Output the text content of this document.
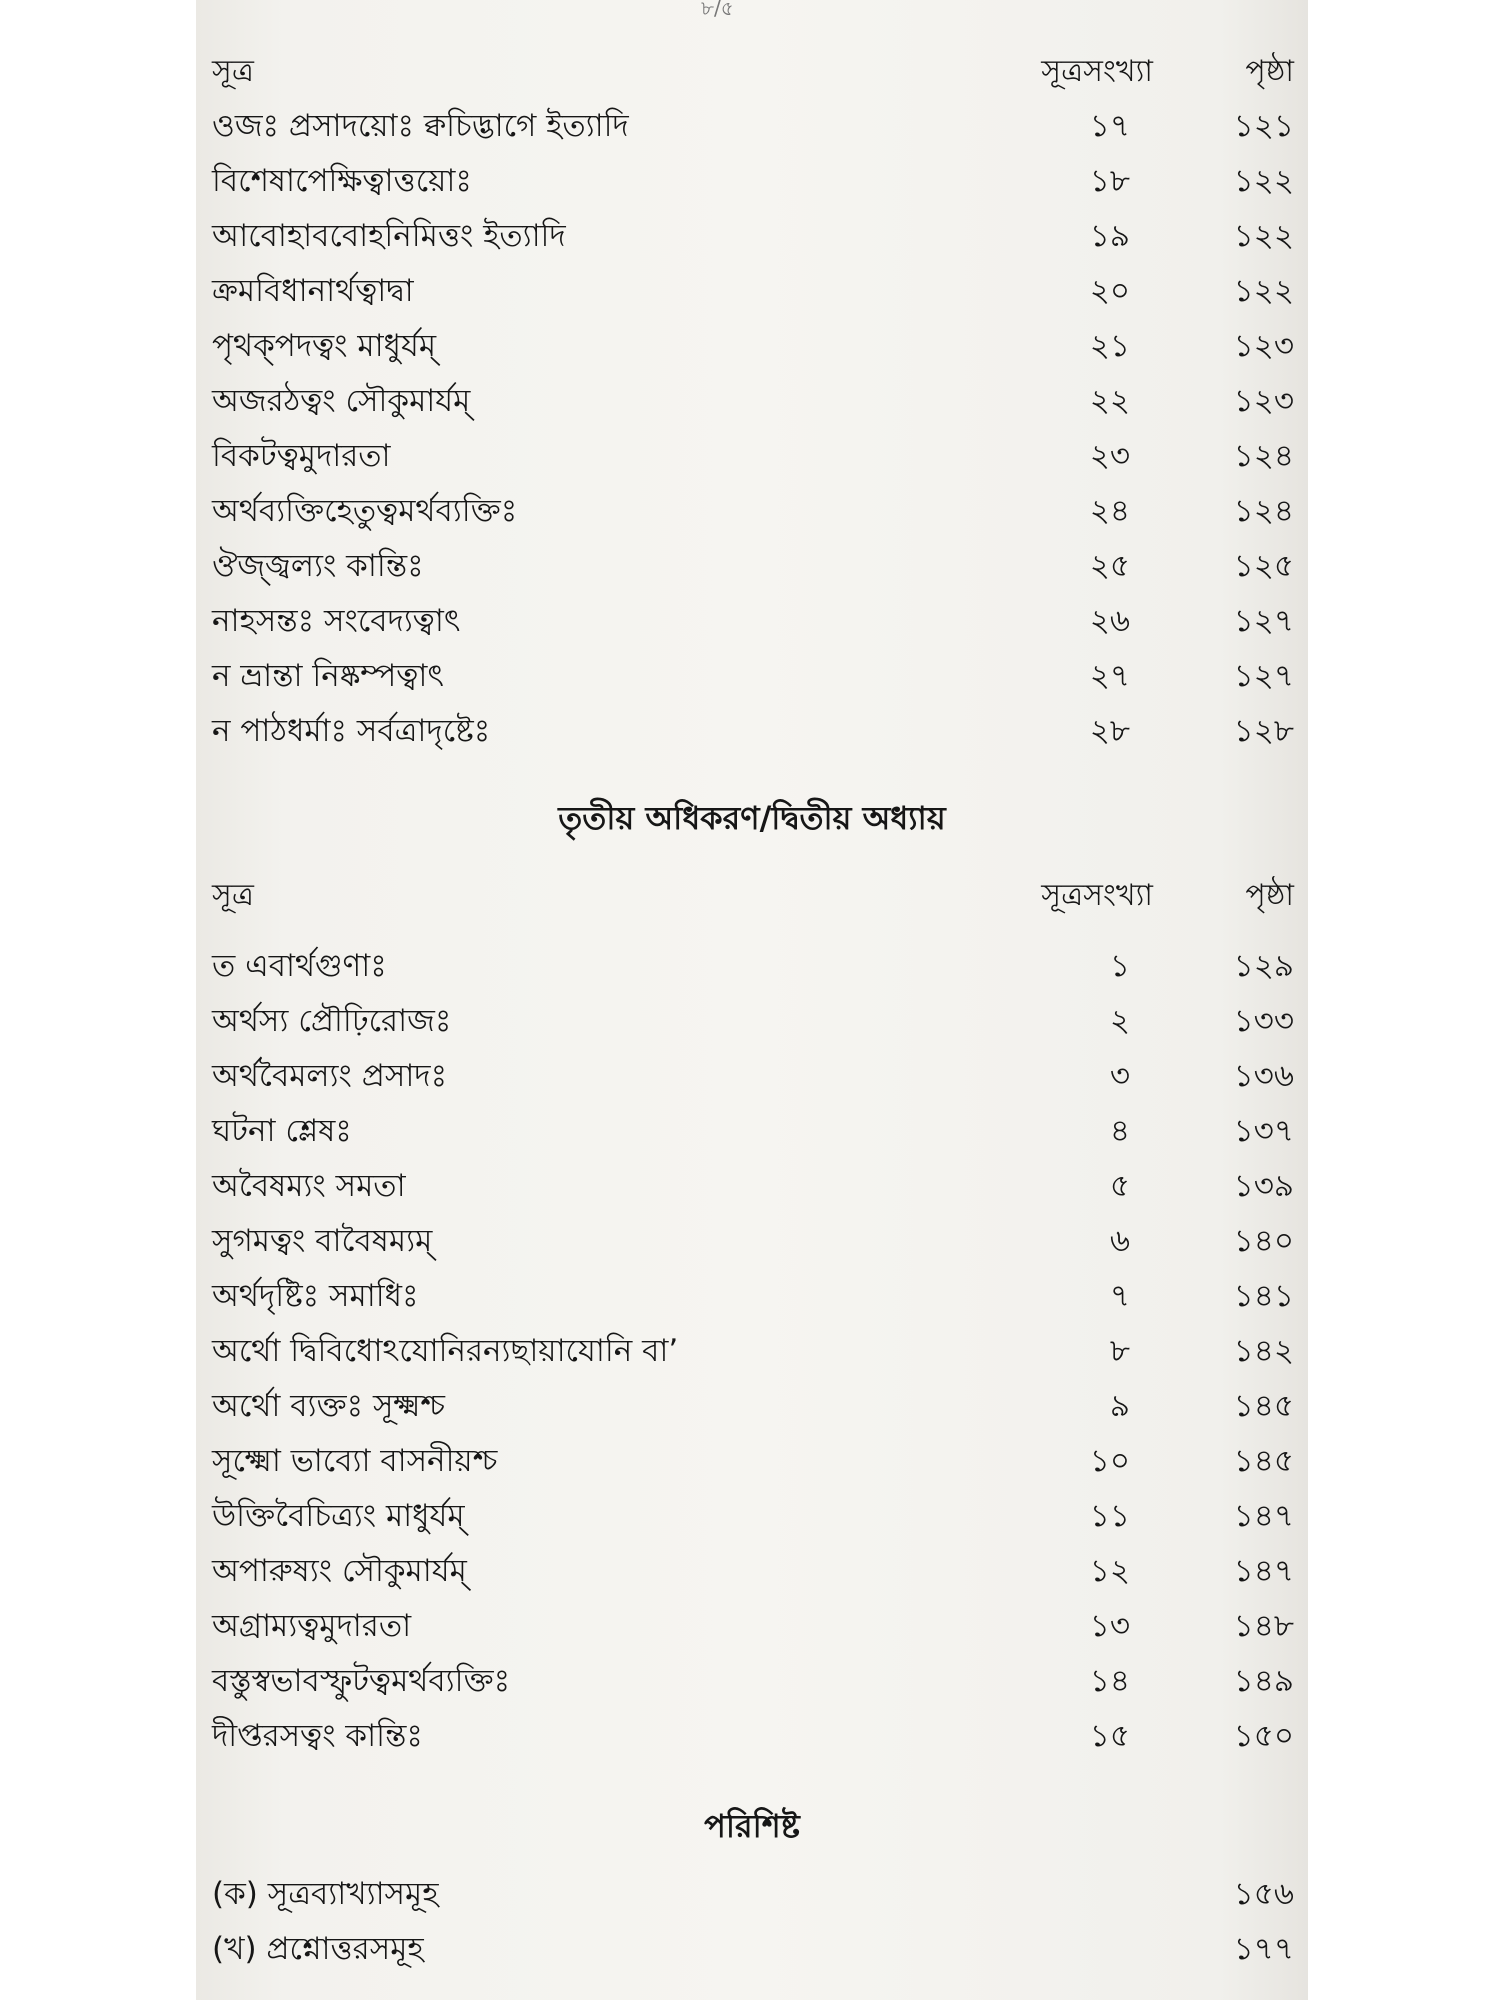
৮/৫
সূত্র	সূত্রসংখ্যা	পৃষ্ঠা
ওজঃ প্রসাদয়োঃ ক্বচিদ্ভাগে ইত্যাদি	১৭	১২১
বিশেষাপেক্ষিত্বাত্তয়োঃ	১৮	১২২
আবোহাববোহনিমিত্তং ইত্যাদি	১৯	১২২
ক্রমবিধানার্থত্বাদ্বা	২০	১২২
পৃথক্পদত্বং মাধুর্যম্	২১	১২৩
অজরঠত্বং সৌকুমার্যম্	২২	১২৩
বিকটত্বমুদারতা	২৩	১২৪
অর্থব্যক্তিহেতুত্বমর্থব্যক্তিঃ	২৪	১২৪
ঔজ্জ্বল্যং কান্তিঃ	২৫	১২৫
নাহসন্তঃ সংবেদ্যত্বাৎ	২৬	১২৭
ন ভ্রান্তা নিষ্কম্পত্বাৎ	২৭	১২৭
ন পাঠধর্মাঃ সর্বত্রাদৃষ্টেঃ	২৮	১২৮
তৃতীয় অধিকরণ/দ্বিতীয় অধ্যায়
সূত্র	সূত্রসংখ্যা	পৃষ্ঠা
ত এবার্থগুণাঃ	১	১২৯
অর্থস্য প্রৌঢ়িরোজঃ	২	১৩৩
অর্থবৈমল্যং প্রসাদঃ	৩	১৩৬
ঘটনা শ্লেষঃ	৪	১৩৭
অবৈষম্যং সমতা	৫	১৩৯
সুগমত্বং বাবৈষম্যম্	৬	১৪০
অর্থদৃষ্টিঃ সমাধিঃ	৭	১৪১
অর্থো দ্বিবিধোঽযোনিরন্যছায়াযোনি বা’	৮	১৪২
অর্থো ব্যক্তঃ সূক্ষ্মশ্চ	৯	১৪৫
সূক্ষ্মো ভাব্যো বাসনীয়শ্চ	১০	১৪৫
উক্তিবৈচিত্র্যং মাধুর্যম্	১১	১৪৭
অপারুষ্যং সৌকুমার্যম্	১২	১৪৭
অগ্রাম্যত্বমুদারতা	১৩	১৪৮
বস্তুস্বভাবস্ফুটত্বমর্থব্যক্তিঃ	১৪	১৪৯
দীপ্তরসত্বং কান্তিঃ	১৫	১৫০
পরিশিষ্ট
(ক) সূত্রব্যাখ্যাসমূহ	১৫৬
(খ) প্রশ্নোত্তরসমূহ	১৭৭
